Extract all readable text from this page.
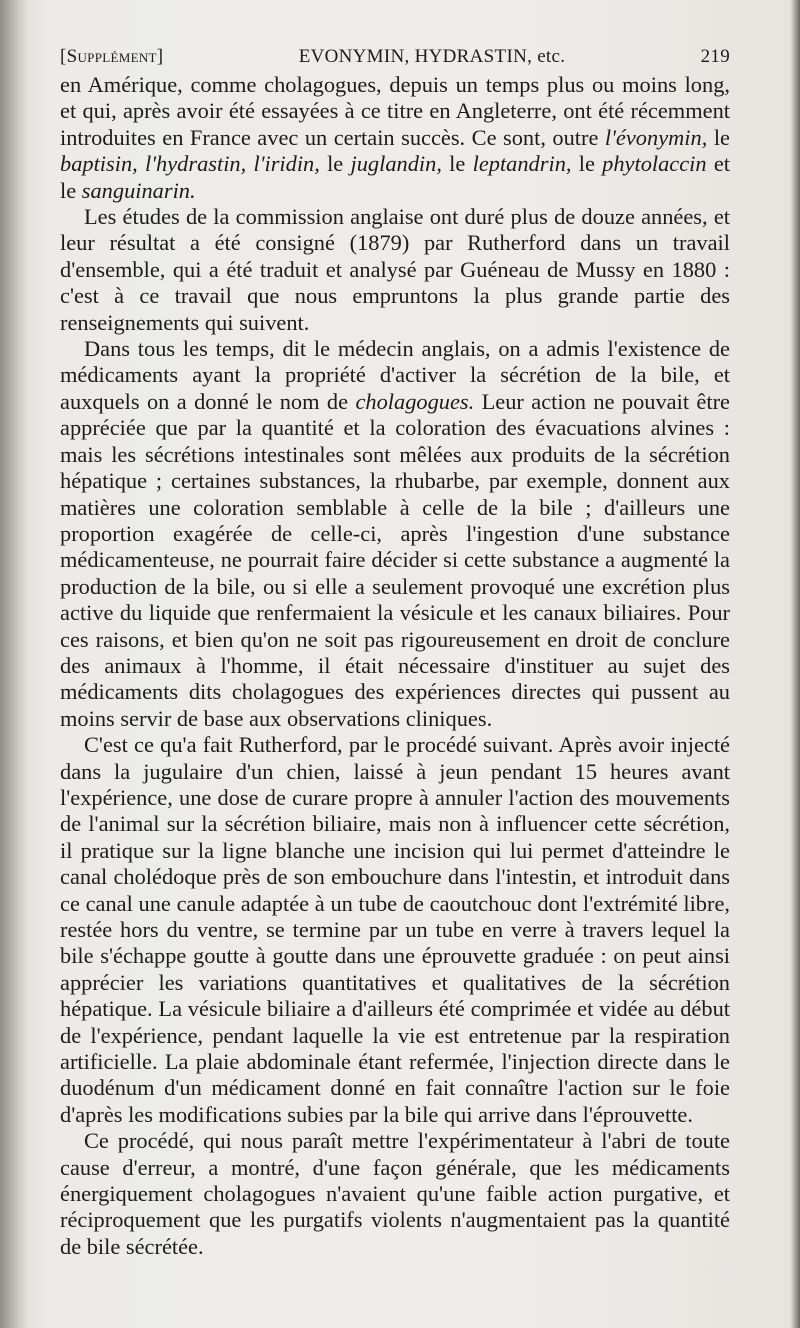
[Supplément]	EVONYMIN, HYDRASTIN, etc.	219

en Amérique, comme cholagogues, depuis un temps plus ou moins long, et qui, après avoir été essayées à ce titre en Angleterre, ont été récemment introduites en France avec un certain succès. Ce sont, outre l'évonymin, le baptisin, l'hydrastin, l'iridin, le juglandin, le leptandrin, le phytolaccin et le sanguinarin.

Les études de la commission anglaise ont duré plus de douze années, et leur résultat a été consigné (1879) par Rutherford dans un travail d'ensemble, qui a été traduit et analysé par Guéneau de Mussy en 1880 : c'est à ce travail que nous empruntons la plus grande partie des renseignements qui suivent.

Dans tous les temps, dit le médecin anglais, on a admis l'existence de médicaments ayant la propriété d'activer la sécrétion de la bile, et auxquels on a donné le nom de cholagogues. Leur action ne pouvait être appréciée que par la quantité et la coloration des évacuations alvines : mais les sécrétions intestinales sont mêlées aux produits de la sécrétion hépatique ; certaines substances, la rhubarbe, par exemple, donnent aux matières une coloration semblable à celle de la bile ; d'ailleurs une proportion exagérée de celle-ci, après l'ingestion d'une substance médicamenteuse, ne pourrait faire décider si cette substance a augmenté la production de la bile, ou si elle a seulement provoqué une excrétion plus active du liquide que renfermaient la vésicule et les canaux biliaires. Pour ces raisons, et bien qu'on ne soit pas rigoureusement en droit de conclure des animaux à l'homme, il était nécessaire d'instituer au sujet des médicaments dits cholagogues des expériences directes qui pussent au moins servir de base aux observations cliniques.

C'est ce qu'a fait Rutherford, par le procédé suivant. Après avoir injecté dans la jugulaire d'un chien, laissé à jeun pendant 15 heures avant l'expérience, une dose de curare propre à annuler l'action des mouvements de l'animal sur la sécrétion biliaire, mais non à influencer cette sécrétion, il pratique sur la ligne blanche une incision qui lui permet d'atteindre le canal cholédoque près de son embouchure dans l'intestin, et introduit dans ce canal une canule adaptée à un tube de caoutchouc dont l'extrémité libre, restée hors du ventre, se termine par un tube en verre à travers lequel la bile s'échappe goutte à goutte dans une éprouvette graduée : on peut ainsi apprécier les variations quantitatives et qualitatives de la sécrétion hépatique. La vésicule biliaire a d'ailleurs été comprimée et vidée au début de l'expérience, pendant laquelle la vie est entretenue par la respiration artificielle. La plaie abdominale étant refermée, l'injection directe dans le duodénum d'un médicament donné en fait connaître l'action sur le foie d'après les modifications subies par la bile qui arrive dans l'éprouvette.

Ce procédé, qui nous paraît mettre l'expérimentateur à l'abri de toute cause d'erreur, a montré, d'une façon générale, que les médicaments énergiquement cholagogues n'avaient qu'une faible action purgative, et réciproquement que les purgatifs violents n'augmentaient pas la quantité de bile sécrétée.
